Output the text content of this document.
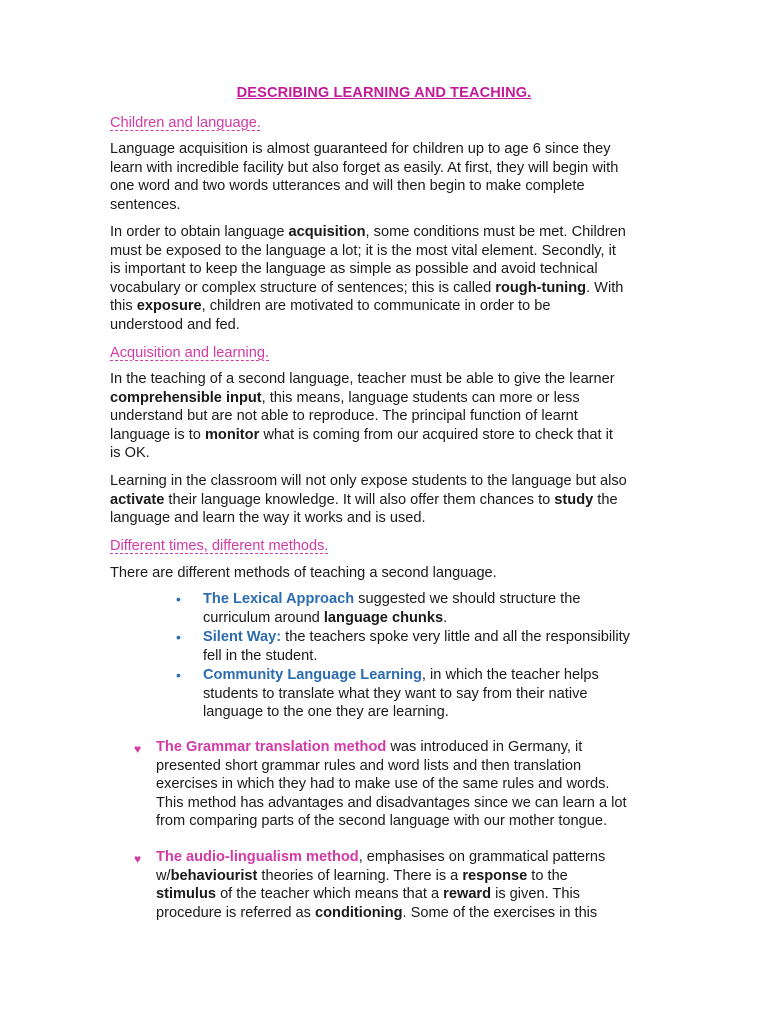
DESCRIBING LEARNING AND TEACHING.
Children and language.
Language acquisition is almost guaranteed for children up to age 6 since they
learn with incredible facility but also forget as easily. At first, they will begin with
one word and two words utterances and will then begin to make complete
sentences.
In order to obtain language acquisition, some conditions must be met. Children
must be exposed to the language a lot; it is the most vital element. Secondly, it
is important to keep the language as simple as possible and avoid technical
vocabulary or complex structure of sentences; this is called rough-tuning. With
this exposure, children are motivated to communicate in order to be
understood and fed.
Acquisition and learning.
In the teaching of a second language, teacher must be able to give the learner
comprehensible input, this means, language students can more or less
understand but are not able to reproduce. The principal function of learnt
language is to monitor what is coming from our acquired store to check that it
is OK.
Learning in the classroom will not only expose students to the language but also
activate their language knowledge. It will also offer them chances to study the
language and learn the way it works and is used.
Different times, different methods.
There are different methods of teaching a second language.
• The Lexical Approach suggested we should structure the
curriculum around language chunks.
• Silent Way: the teachers spoke very little and all the responsibility
fell in the student.
• Community Language Learning, in which the teacher helps
students to translate what they want to say from their native
language to the one they are learning.
♥ The Grammar translation method was introduced in Germany, it
presented short grammar rules and word lists and then translation
exercises in which they had to make use of the same rules and words.
This method has advantages and disadvantages since we can learn a lot
from comparing parts of the second language with our mother tongue.
♥ The audio-lingualism method, emphasises on grammatical patterns
w/behaviourist theories of learning. There is a response to the
stimulus of the teacher which means that a reward is given. This
procedure is referred as conditioning. Some of the exercises in this
